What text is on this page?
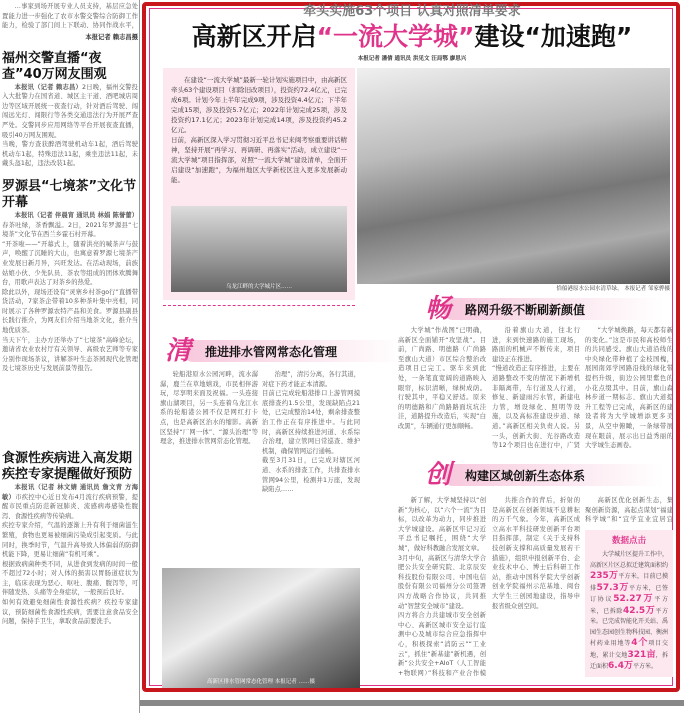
…事家到场开展专业人员支持，基层应急处置能力进一步强化了农市水警交警综合防御工作能力，检验了部门间上下联动、协同作战水平，
本报记者 赖志昌摄
福州交警直播“夜查”40万网友围观
本报讯（记者 赖志昌）2日晚，福州交警投入大批警力在国省道、城区主干道、酒吧城店周边等区域开展统一夜查行动，针对酒后驾驶、闯闯远光灯、闯限行等各类交通违法行为开展严查严处。交警同步应用网络等平台开展夜查直播，吸引40万网友围观。
当晚，警方查获醉酒驾驶机动车1起，酒后驾驶机动车1起，特殊违法11起，乘坐违法11起，未戴头盔1起，违法改装1起。
罗源县“七境茶”文化节开幕
本报讯（记者 伴晨宵 通讯员 林娟 陈誉蕾）春茶吐绿，茶香飘溢。2日，2021年罗源县“七境茶”文化节在西兰乡霍石村开幕。
“开茶啦——”开幕式上，随着洪亮的喊茶声与鼓声，唤醒了沉睡的大山，也寓意着罗源七境茶产业发展日新月异，兴旺发达。在活动现场，前族姑娘小伙、少先队员、茶农等组成的团体欢腾舞台，用歌声表达了对茶乡的热爱。
除此以外，现场还设有“灵寨乡村茶go行”直播带货活动，7家茶企带着10多种茶叶集中亮相，同时展示了各种罗源农特产品和美食。罗源县副县长践行推介，为网友们介绍当地茶文化，推介当地优质茶。
当天下午，主办方还举办了“七境茶”高峰论坛，邀请省农业农村厅有关领导、高级农艺师等专家分别作现场茶议，讲解茶叶生态茶园现代化管理及七境茶历史与发展前景等报告。
食源性疾病进入高发期 疾控专家提醒做好预防
本报讯（记者 林文婧 通讯员 詹文青 方海敏）市疾控中心近日发布4月流行疾病预警，提醒市民重点防范新冠肺炎、流感病毒感染性腹泻、食源性疾病等传染病。
疾控专家介绍，气温的逐渐上升有利于细菌滋生繁殖，食物也更易被细菌污染成引起变质。与此同时，换季时节，气温升高导致人体偏弱的防御机能下降，更易让细菌“有机可乘”。
根据致病菌种类不同，从进食到发病的时间一般不超过72小时；对人体的损害以胃肠道症状为主，临床表现为恶心、呕吐、腹痛、腹泻等，可伴随发热、头痛等全身症状，一般预后良好。
如何有效避免细菌性食源性疾病？疾控专家建议，预防细菌性食源性疾病，需要注意食品安全问题，保持手卫生，拿取食品前要洗手。
牵头实施63个项目 认真对照清单要求
高新区开启“一流大学城”建设“加速跑”
本报记者 潘倩 通讯员 洪见文 汪局鄂 廖思兴
在建设“一流大学城”最新一轮计划实施项目中，由高新区牵头63个建设项目（扣除旧改项目），投资约72.4亿元，已完成6项。计划今年上半年完成9项，涉及投资4.4亿元；下半年完成15项，涉及投资5.7亿元；2022年计划完成25项，涉及投资约17.1亿元；2023年计划完成14项，涉及投资约45.2亿元。
日前，高新区深入学习贯彻习近平总书记来闽考察重要讲话精神，坚持开展“再学习、再调研、再落实”活动，成立建设“一流大学城”项目指挥部，对照“一流大学城”建设清单，全面开启建设“加速跑”，为福州地区大学新校区注入更多发展新动能。
乌龙江畔的大学城片区……	恰船港原水公园水清草绿。 本报记者 邹家骅摄
清 推进排水管网常态化管理
轮船港原水公园河畔，流水潺潺，鹿兰在草地嬉戏，市民相伴游玩，尽享明来面及祝福。一头连接旗山湖项目，另一头连着乌龙江水系的轮船港公园不仅是网红打卡点，也是高新区治水的缩影。高新区坚持“厂网一体”、“源头治理”等理念，推进排水管网常态化管理。
治理”，清污分离，各行其道，对症下药才能正本清源。
目前已完成轮船港排口上游管网摸底排查约1.5公里，发现缺陷点21处，已完成整治14处，剩余排查整治工作正在有序推进中。与此同时，高新区持续推进河道、水系综合治理，建立管网日常巡查、维护机制，确保管网运行通畅。
截至3月31日，已完成对辖区河道、水系的排查工作，共排查排水管网94公里，检测井1万座，发现缺陷点……
高新区排水管网常态化管理 本报记者 ……摄
畅 路网升级不断刷新颜值
大学城“作战图”已明确，高新区全面铺开“攻坚战”。目前，广尚路、明德路（广尚路至旗山大道）市区综合整治改造项目已完工。驱车来到此处，一条笔直宽阔的道路映入眼帘，标识清晰，绿树成荫。行驶其中，平稳又舒适。原来的明德路和广尚路路面坑坑洼洼，道路提升改造后，实现“白改黑”，车辆通行更加顺畅。
沿着旗山大道，往北行进，来到快速路的施工现场，路面的机械声不断传来，项目建设正在推进。
“慢道改造正有序推进，主要在道路整改不变的情况下新增机非隔离带，车行道及人行道，修复、新建雨污水管，新建电力管，增设绿化、照明等设施，以及高标准建设步道、绿道。”高新区相关负责人说。另一头，创新大街、光谷路改造等12个项目也在进行中，广贤
“大学城焕路，每天都有新的变化。”这是市民和高校师生的共同感受。旗山大道沿线的中央绿化带种植了金枝国槐，展园南郊学园路沿线的绿化带提档升级，街边公园里紫色的小花点缀其中。目前，旗山森林步道一期标志、旗山大道提升工程等已完成，高新区的建设者将为大学城增添更多美景，从空中俯瞰，一条绿带展现在眼前，展示出日益秀丽的大学城生态画卷。
创 构建区域创新生态体系
新了解，大学城坚持以“创新”为核心，以“六个一流”为目标，以改革为动力，同步推进大学城建设。高新区牢记习近平总书记嘱托，围绕“大学城”，做好科教融合发展文章。
3月中旬，高新区与清华大学合肥公共安全研究院、北京辰安科技股份有限公司、中国电信股份有限公司福州分公司签署四方战略合作协议，共同推动“智慧安全城市”建设。
四方将合力共建城市安全创新中心、高新区城市安全运行监测中心及城市综合应急指挥中心，积极探索“消防云”“工业云”，抓住“新基建”新机遇，创新“公共安全+AIoT（人工智能+物联网）”科技和产业合作模
共推合作的背后，折射的是高新区在创新领域不息耕耘的万千气象。今年，高新区成立高水平科技研发创新平台项目指挥部，制定《关于支持科技创新支撑和高质量发展若干措施》，组织申报创新平台、企业技术中心、博士后科研工作站，推动中国科学院大学创新创业学院福州示范基地、闽台大学生三创园地建设，指导申报省级众创空间。
高新区优化创新生态，集聚创新资源，高起点谋划“福建科学城”和“宜学宜业宜居宜
数据点击
大学城片区提升工作中，高新区片区总拟迁建筑面积约235万平方米，目前已摸排57.3万平方米，已签订协议52.27万平方米，已拆除42.5万平方米。已完成智能化开关站、禹园生态园创生物科技园、衡洲村药业用地等4个项目交地，累计交地321亩，拆迁面积6.4万平方米。
